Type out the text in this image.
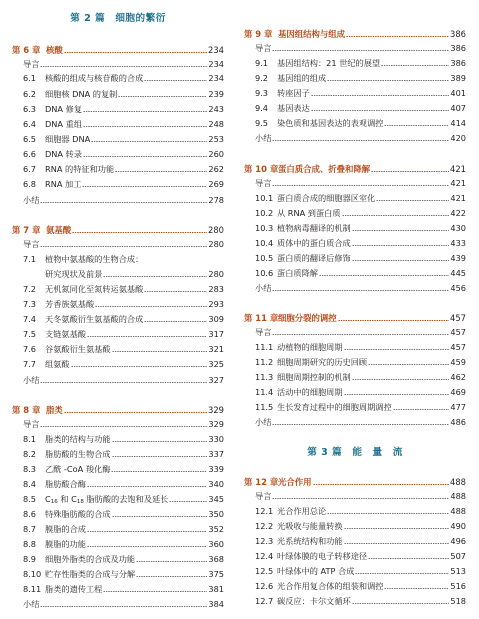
第 2 篇　细胞的繁衍
第 6 章 核酸	234
导言	234
6.1	核酸的组成与核苷酸的合成	234
6.2	细胞核 DNA 的复制	239
6.3	DNA 修复	243
6.4	DNA 重组	248
6.5	细胞器 DNA	253
6.6	DNA 转录	260
6.7	RNA 的特征和功能	262
6.8	RNA 加工	269
小结	278
第 7 章 氨基酸	280
导言	280
7.1	植物中氨基酸的生物合成：
研究现状及前景	280
7.2	无机氮同化至氮转运氨基酸	283
7.3	芳香族氨基酸	293
7.4	天冬氨酸衍生氨基酸的合成	309
7.5	支链氨基酸	317
7.6	谷氨酸衍生氨基酸	321
7.7	组氨酸	325
小结	327
第 8 章 脂类	329
导言	329
8.1	脂类的结构与功能	330
8.2	脂肪酸的生物合成	337
8.3	乙酰 -CoA 羧化酶	339
8.4	脂肪酸合酶	340
8.5	$C_{16}$ 和 $C_{18}$ 脂肪酸的去饱和及延长	345
8.6	特殊脂肪酸的合成	350
8.7	膜脂的合成	352
8.8	膜脂的功能	360
8.9	细胞外脂类的合成及功能	368
8.10 贮存性脂类的合成与分解	375
8.11 脂类的遗传工程	381
小结	384
第 9 章 基因组结构与组成	386
导言	386
9.1	基因组结构：21 世纪的展望	386
9.2	基因组的组成	389
9.3	转座因子	401
9.4	基因表达	407
9.5	染色质和基因表达的表观调控	414
小结	420
第 10 章 蛋白质合成、折叠和降解	421
导言	421
10.1 蛋白质合成的细胞器区室化	421
10.2 从 RNA 到蛋白质	422
10.3 植物病毒翻译的机制	430
10.4 质体中的蛋白质合成	433
10.5 蛋白质的翻译后修饰	439
10.6 蛋白质降解	445
小结	456
第 11 章 细胞分裂的调控	457
导言	457
11.1 动植物的细胞周期	457
11.2 细胞周期研究的历史回顾	459
11.3 细胞周期控制的机制	462
11.4 活动中的细胞周期	469
11.5 生长发育过程中的细胞周期调控	477
小结	486
第 3 篇　能　量　流
第 12 章 光合作用	488
导言	488
12.1 光合作用总论	488
12.2 光吸收与能量转换	490
12.3 光系统结构和功能	496
12.4 叶绿体膜的电子转移途径	507
12.5 叶绿体中的 ATP 合成	513
12.6 光合作用复合体的组装和调控	516
12.7 碳反应：卡尔文循环	518
